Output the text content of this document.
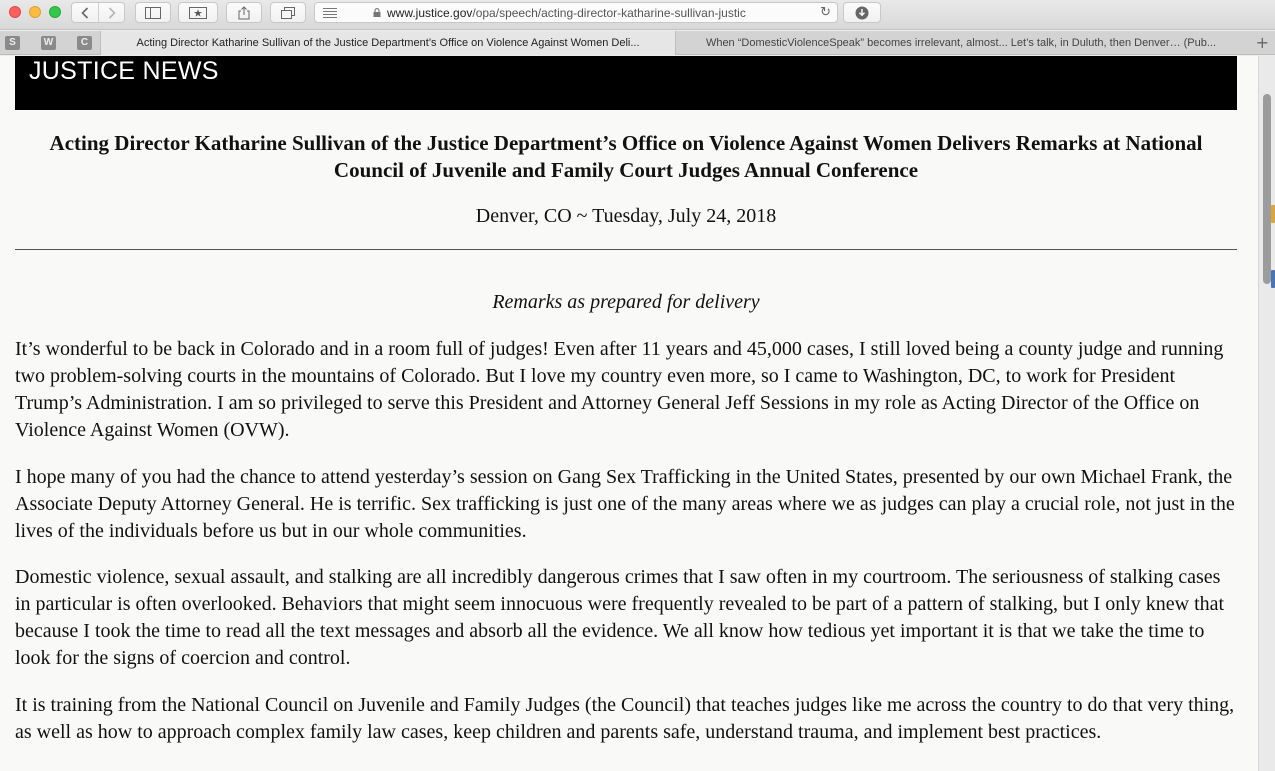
www.justice.gov/opa/speech/acting-director-katharine-sullivan-justic	↻
S	W	C	Acting Director Katharine Sullivan of the Justice Department’s Office on Violence Against Women Deli...	When “DomesticViolenceSpeak” becomes irrelevant, almost... Let’s talk, in Duluth, then Denver… (Pub...	+
JUSTICE NEWS
Acting Director Katharine Sullivan of the Justice Department’s Office on Violence Against Women Delivers Remarks at National Council of Juvenile and Family Court Judges Annual Conference
Denver, CO ~ Tuesday, July 24, 2018
Remarks as prepared for delivery

It’s wonderful to be back in Colorado and in a room full of judges! Even after 11 years and 45,000 cases, I still loved being a county judge and running two problem-solving courts in the mountains of Colorado. But I love my country even more, so I came to Washington, DC, to work for President Trump’s Administration. I am so privileged to serve this President and Attorney General Jeff Sessions in my role as Acting Director of the Office on Violence Against Women (OVW).

I hope many of you had the chance to attend yesterday’s session on Gang Sex Trafficking in the United States, presented by our own Michael Frank, the Associate Deputy Attorney General. He is terrific. Sex trafficking is just one of the many areas where we as judges can play a crucial role, not just in the lives of the individuals before us but in our whole communities.

Domestic violence, sexual assault, and stalking are all incredibly dangerous crimes that I saw often in my courtroom. The seriousness of stalking cases in particular is often overlooked. Behaviors that might seem innocuous were frequently revealed to be part of a pattern of stalking, but I only knew that because I took the time to read all the text messages and absorb all the evidence. We all know how tedious yet important it is that we take the time to look for the signs of coercion and control.

It is training from the National Council on Juvenile and Family Judges (the Council) that teaches judges like me across the country to do that very thing, as well as how to approach complex family law cases, keep children and parents safe, understand trauma, and implement best practices.
